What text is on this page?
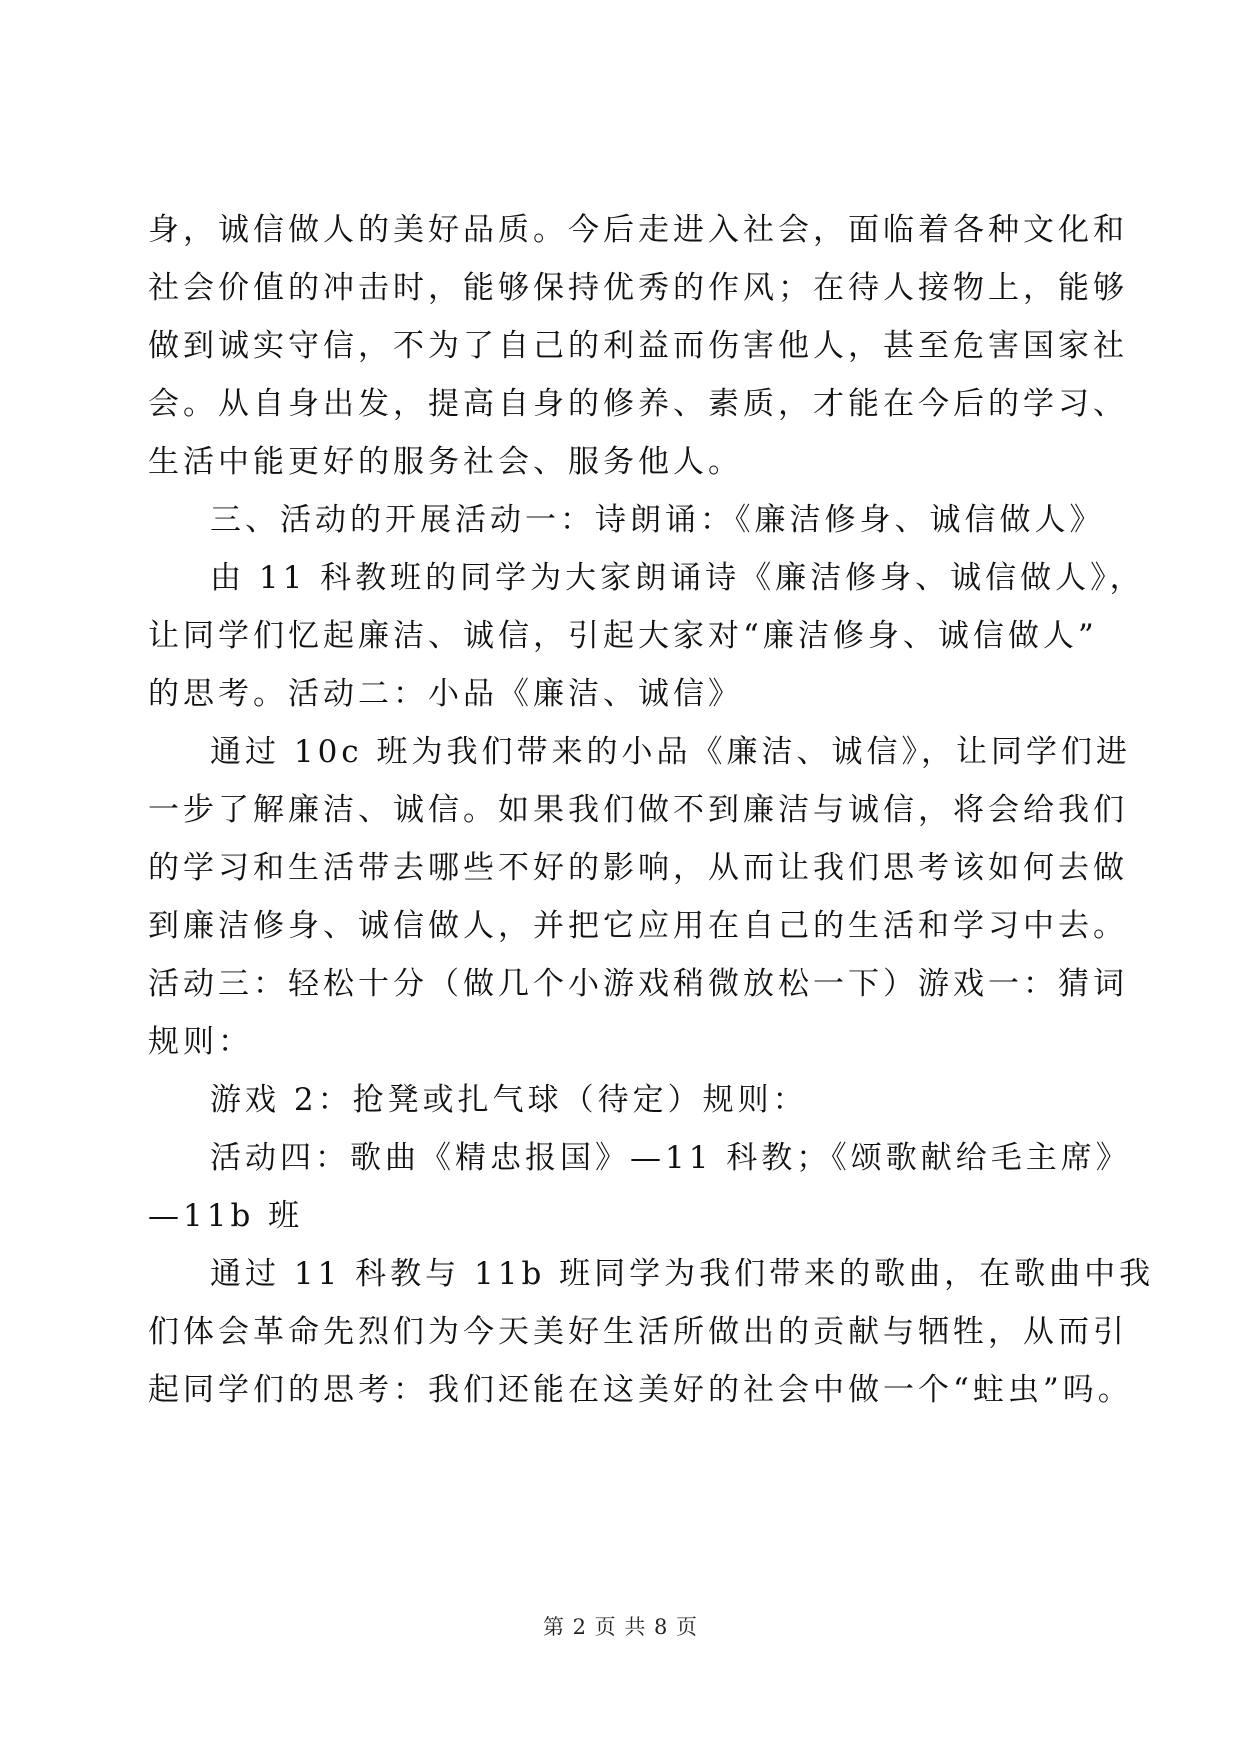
身，诚信做人的美好品质。今后走进入社会，面临着各种文化和
社会价值的冲击时，能够保持优秀的作风；在待人接物上，能够
做到诚实守信，不为了自己的利益而伤害他人，甚至危害国家社
会。从自身出发，提高自身的修养、素质，才能在今后的学习、
生活中能更好的服务社会、服务他人。
三、活动的开展活动一：诗朗诵：《廉洁修身、诚信做人》
由 11 科教班的同学为大家朗诵诗《廉洁修身、诚信做人》，
让同学们忆起廉洁、诚信，引起大家对“廉洁修身、诚信做人”
的思考。活动二：小品《廉洁、诚信》
通过 10c 班为我们带来的小品《廉洁、诚信》，让同学们进
一步了解廉洁、诚信。如果我们做不到廉洁与诚信，将会给我们
的学习和生活带去哪些不好的影响，从而让我们思考该如何去做
到廉洁修身、诚信做人，并把它应用在自己的生活和学习中去。
活动三：轻松十分（做几个小游戏稍微放松一下）游戏一：猜词
规则：
游戏 2：抢凳或扎气球（待定）规则：
活动四：歌曲《精忠报国》—11 科教；《颂歌献给毛主席》
—11b 班
通过 11 科教与 11b 班同学为我们带来的歌曲，在歌曲中我
们体会革命先烈们为今天美好生活所做出的贡献与牺牲，从而引
起同学们的思考：我们还能在这美好的社会中做一个“蛀虫”吗。
第 2 页 共 8 页
